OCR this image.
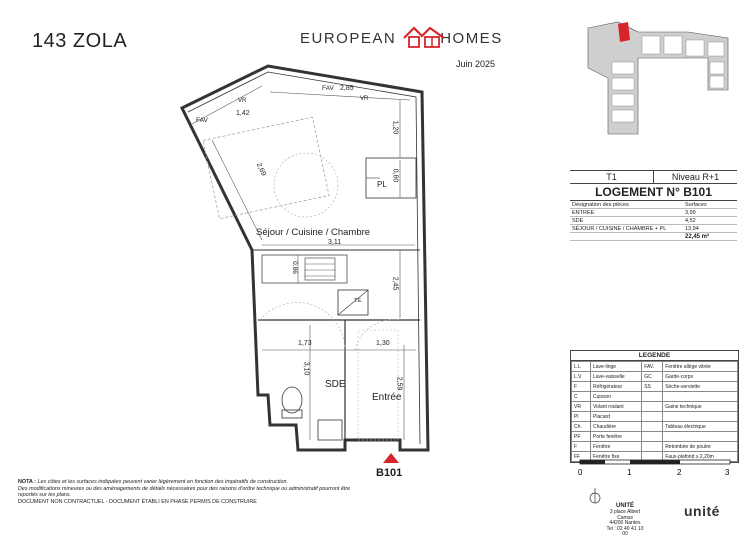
143 ZOLA	EUROPEAN	HOMES
Juin 2025
Séjour / Cuisine / Chambre
SDE
Entrée
PL
FAV
FAV
VR
VR
T.E.
2,85
1,42
2,69
1,20
0,60
3,11
2,45
0,86
1,73	1,30
3,10
2,59
B101
T1	Niveau R+1
LOGEMENT N° B101
Désignation des pièces	Surfaces
ENTREE	3,99
SDE	4,52
SÉJOUR / CUISINE / CHAMBRE + PL	13,94
	22,45 m²
LEGENDE
L.L	Lave-linge	FAV.	Fenêtre allège vitrée
L.V	Lave-vaisselle	GC	Garde-corps
F	Réfrigérateur	SS	Sèche-serviette
C	Cuisson		
VR	Volant roulant		Gaine technique
Pl	Placard		
Ch.	Chaudière		Tableau électrique
PF	Porte fenêtre		
F	Fenêtre		Retombée de poutre
FF	Fenêtre fixe		Faux-plafond ≥ 2,20m
0	1	2	3
NOTA : Les côtes et les surfaces indiquées peuvent varier légèrement en fonction des impératifs de construction.
Des modifications mineures ou des aménagements de détails nécessaires pour des raisons d'ordre technique ou administratif pourront être
reportés sur les plans.
DOCUMENT NON CONTRACTUEL - DOCUMENT ÉTABLI EN PHASE PERMIS DE CONSTRUIRE
UNITÉ
3 place Albert Camus
44200 Nantes
Tel : 02 40 41 10 00
unité
